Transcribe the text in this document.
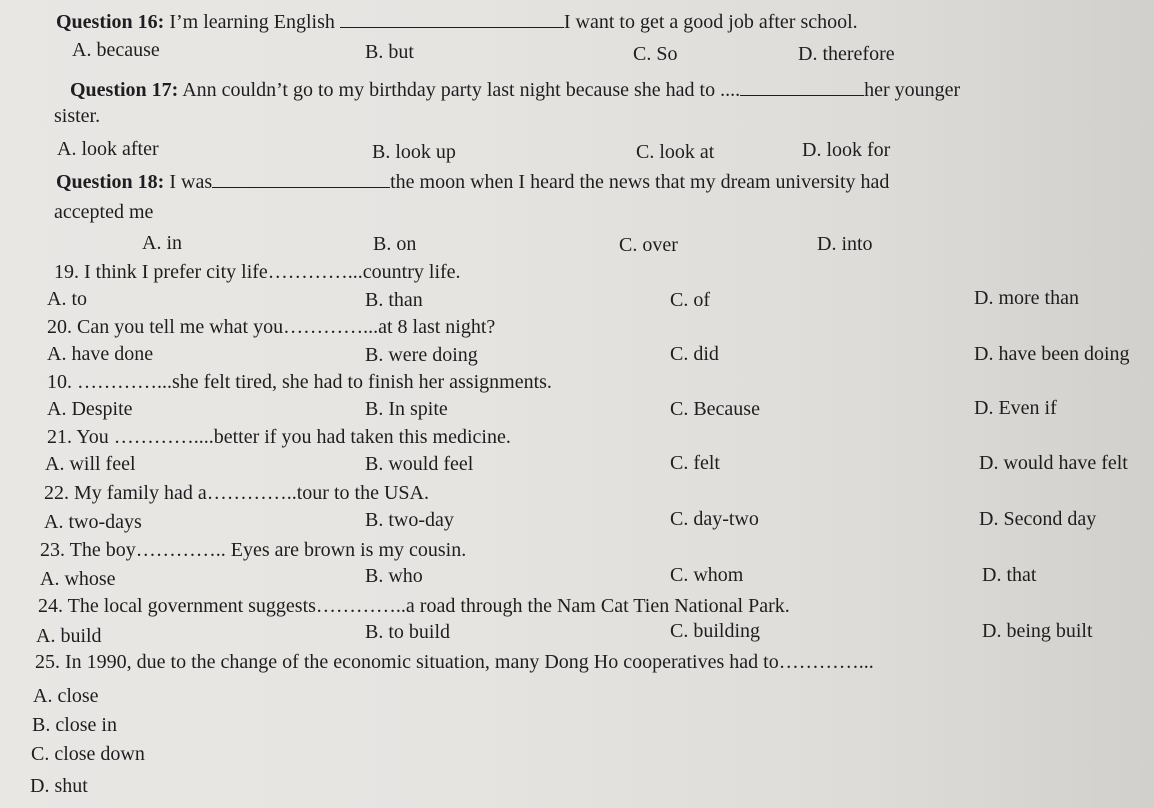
Question 16: I’m learning English	I want to get a good job after school.
A. because	B. but	C. So	D. therefore
Question 17: Ann couldn’t go to my birthday party last night because she had to ....	her younger
sister.
A. look after	B. look up	C. look at	D. look for
Question 18: I was	the moon when I heard the news that my dream university had
accepted me
A. in	B. on	C. over	D. into
19. I think I prefer city life…………...country life.
A. to	B. than	C. of	D. more than
20. Can you tell me what you…………...at 8 last night?
A. have done	B. were doing	C. did	D. have been doing
10. …………...she felt tired, she had to finish her assignments.
A. Despite	B. In spite	C. Because	D. Even if
21. You …………....better if you had taken this medicine.
A. will feel	B. would feel	C. felt	D. would have felt
22. My family had a…………..tour to the USA.
A. two-days	B. two-day	C. day-two	D. Second day
23. The boy………….. Eyes are brown is my cousin.
A. whose	B. who	C. whom	D. that
24. The local government suggests…………..a road through the Nam Cat Tien National Park.
A. build	B. to build	C. building	D. being built
25. In 1990, due to the change of the economic situation, many Dong Ho cooperatives had to…………...
A. close
B. close in
C. close down
D. shut
